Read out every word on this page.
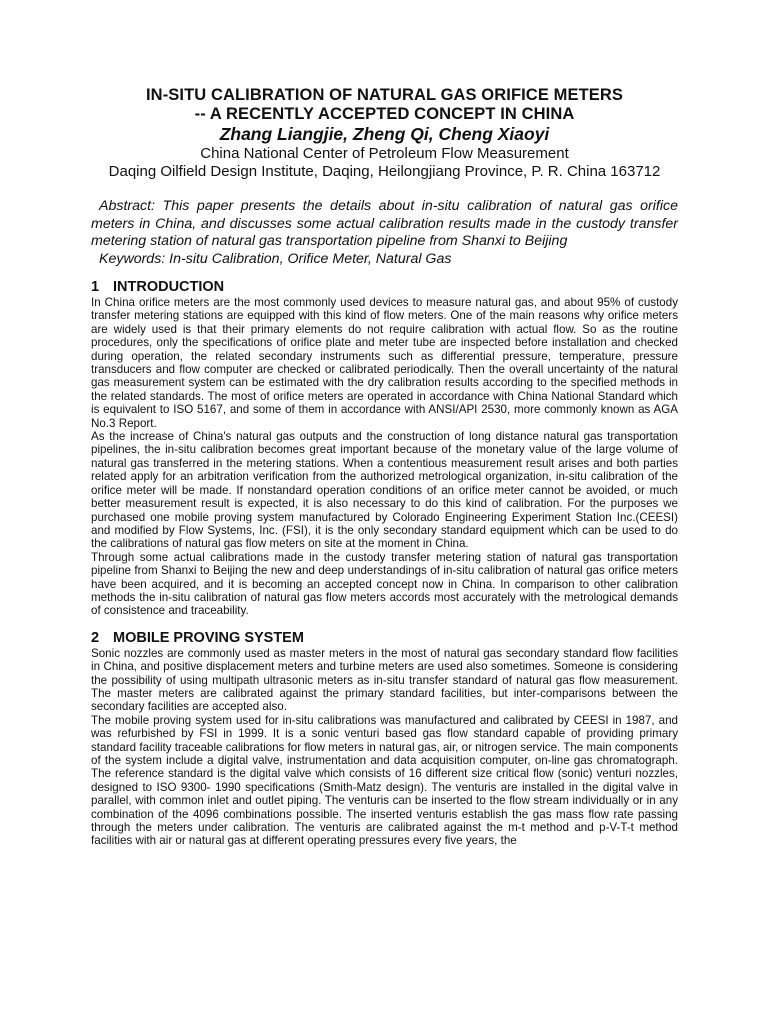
IN-SITU CALIBRATION OF NATURAL GAS ORIFICE METERS
-- A RECENTLY ACCEPTED CONCEPT IN CHINA
Zhang Liangjie, Zheng Qi, Cheng Xiaoyi
China National Center of Petroleum Flow Measurement
Daqing Oilfield Design Institute, Daqing, Heilongjiang Province, P. R. China 163712
Abstract: This paper presents the details about in-situ calibration of natural gas orifice meters in China, and discusses some actual calibration results made in the custody transfer metering station of natural gas transportation pipeline from Shanxi to Beijing
Keywords: In-situ Calibration, Orifice Meter, Natural Gas
1 INTRODUCTION
In China orifice meters are the most commonly used devices to measure natural gas, and about 95% of custody transfer metering stations are equipped with this kind of flow meters. One of the main reasons why orifice meters are widely used is that their primary elements do not require calibration with actual flow. So as the routine procedures, only the specifications of orifice plate and meter tube are inspected before installation and checked during operation, the related secondary instruments such as differential pressure, temperature, pressure transducers and flow computer are checked or calibrated periodically. Then the overall uncertainty of the natural gas measurement system can be estimated with the dry calibration results according to the specified methods in the related standards. The most of orifice meters are operated in accordance with China National Standard which is equivalent to ISO 5167, and some of them in accordance with ANSI/API 2530, more commonly known as AGA No.3 Report.
As the increase of China's natural gas outputs and the construction of long distance natural gas transportation pipelines, the in-situ calibration becomes great important because of the monetary value of the large volume of natural gas transferred in the metering stations. When a contentious measurement result arises and both parties related apply for an arbitration verification from the authorized metrological organization, in-situ calibration of the orifice meter will be made. If nonstandard operation conditions of an orifice meter cannot be avoided, or much better measurement result is expected, it is also necessary to do this kind of calibration. For the purposes we purchased one mobile proving system manufactured by Colorado Engineering Experiment Station Inc.(CEESI) and modified by Flow Systems, Inc. (FSI), it is the only secondary standard equipment which can be used to do the calibrations of natural gas flow meters on site at the moment in China.
Through some actual calibrations made in the custody transfer metering station of natural gas transportation pipeline from Shanxi to Beijing the new and deep understandings of in-situ calibration of natural gas orifice meters have been acquired, and it is becoming an accepted concept now in China. In comparison to other calibration methods the in-situ calibration of natural gas flow meters accords most accurately with the metrological demands of consistence and traceability.
2 MOBILE PROVING SYSTEM
Sonic nozzles are commonly used as master meters in the most of natural gas secondary standard flow facilities in China, and positive displacement meters and turbine meters are used also sometimes. Someone is considering the possibility of using multipath ultrasonic meters as in-situ transfer standard of natural gas flow measurement. The master meters are calibrated against the primary standard facilities, but inter-comparisons between the secondary facilities are accepted also.
The mobile proving system used for in-situ calibrations was manufactured and calibrated by CEESI in 1987, and was refurbished by FSI in 1999. It is a sonic venturi based gas flow standard capable of providing primary standard facility traceable calibrations for flow meters in natural gas, air, or nitrogen service. The main components of the system include a digital valve, instrumentation and data acquisition computer, on-line gas chromatograph. The reference standard is the digital valve which consists of 16 different size critical flow (sonic) venturi nozzles, designed to ISO 9300- 1990 specifications (Smith-Matz design). The venturis are installed in the digital valve in parallel, with common inlet and outlet piping. The venturis can be inserted to the flow stream individually or in any combination of the 4096 combinations possible. The inserted venturis establish the gas mass flow rate passing through the meters under calibration. The venturis are calibrated against the m-t method and p-V-T-t method facilities with air or natural gas at different operating pressures every five years, the
